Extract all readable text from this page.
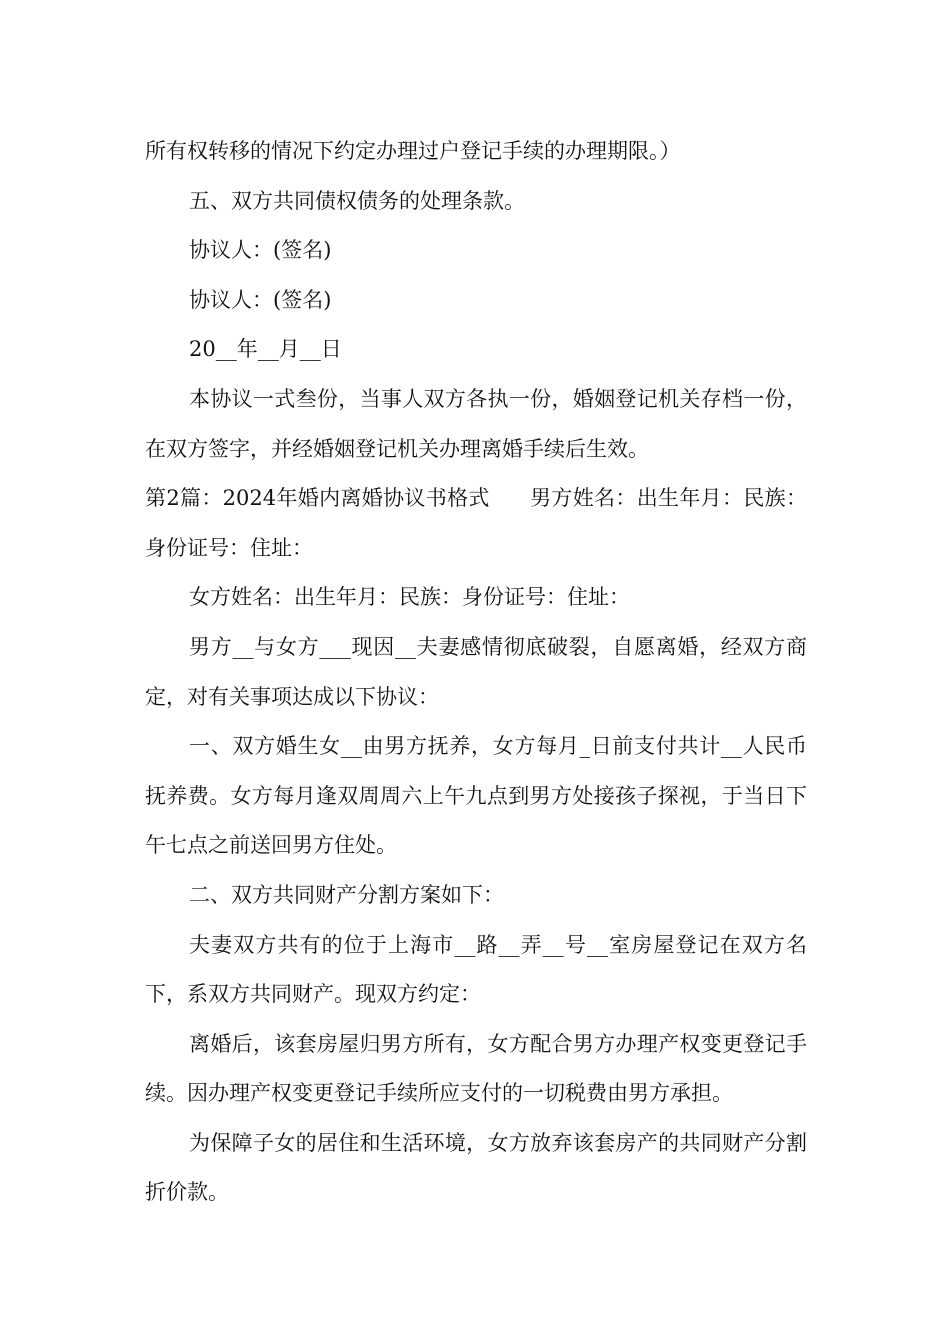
所有权转移的情况下约定办理过户登记手续的办理期限。）

五、双方共同债权债务的处理条款。

协议人：(签名)

协议人：(签名)

20__年__月__日

本协议一式叁份，当事人双方各执一份，婚姻登记机关存档一份，在双方签字，并经婚姻登记机关办理离婚手续后生效。

第2篇：2024年婚内离婚协议书格式 男方姓名：出生年月：民族：身份证号：住址：

女方姓名：出生年月：民族：身份证号：住址：

男方__与女方___现因__夫妻感情彻底破裂，自愿离婚，经双方商定，对有关事项达成以下协议：

一、双方婚生女__由男方抚养，女方每月_日前支付共计__人民币抚养费。女方每月逢双周周六上午九点到男方处接孩子探视，于当日下午七点之前送回男方住处。

二、双方共同财产分割方案如下：

夫妻双方共有的位于上海市__路__弄__号__室房屋登记在双方名下，系双方共同财产。现双方约定：

离婚后，该套房屋归男方所有，女方配合男方办理产权变更登记手续。因办理产权变更登记手续所应支付的一切税费由男方承担。

为保障子女的居住和生活环境，女方放弃该套房产的共同财产分割折价款。
